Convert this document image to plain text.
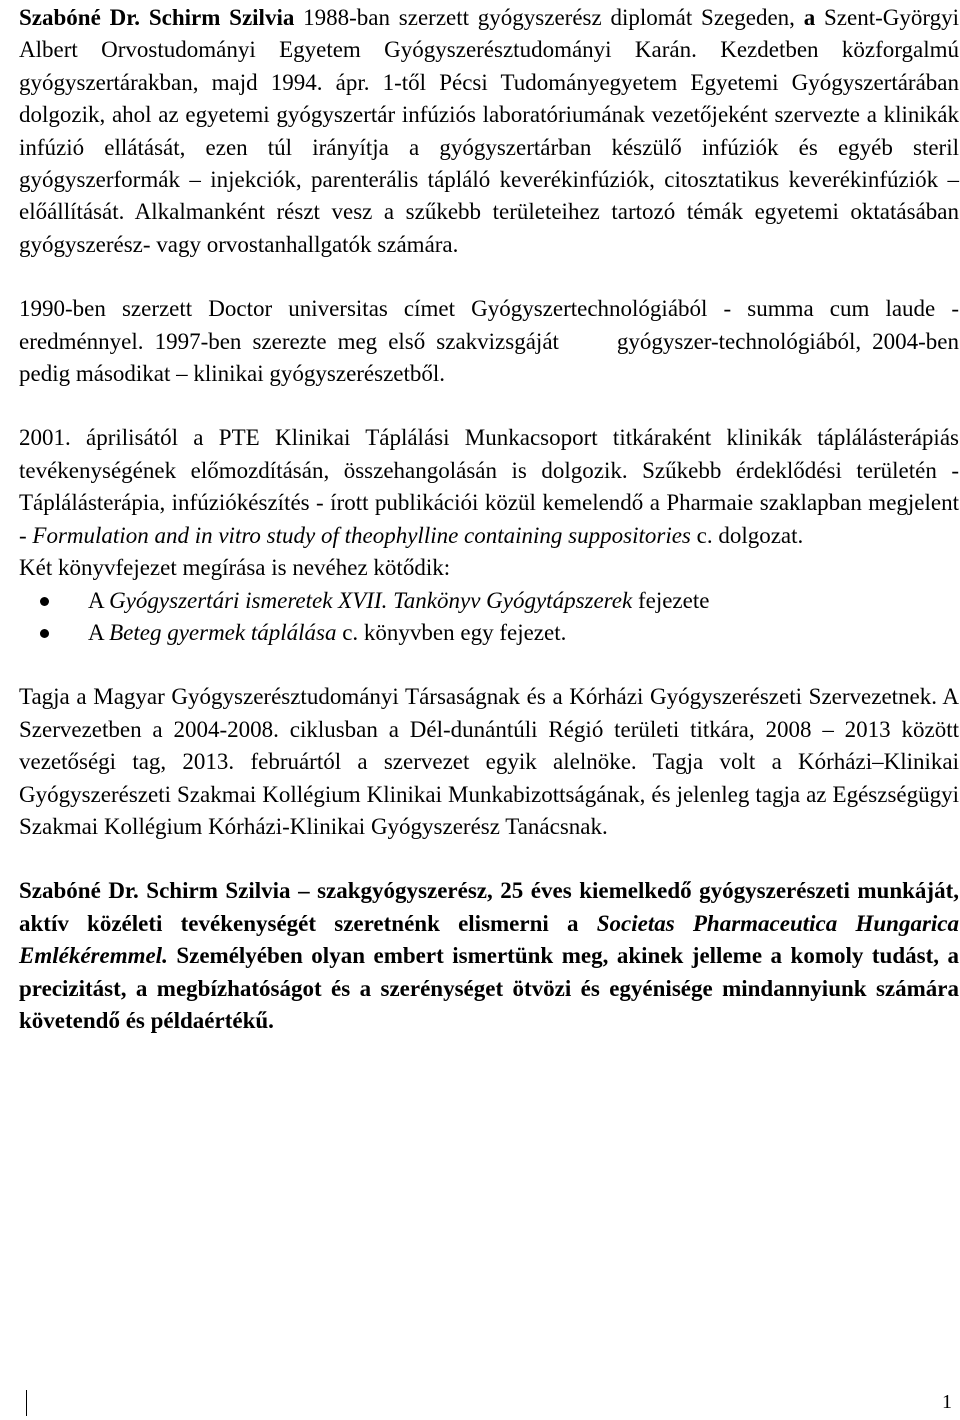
Szabóné Dr. Schirm Szilvia 1988-ban szerzett gyógyszerész diplomát Szegeden, a Szent-Györgyi Albert Orvostudományi Egyetem Gyógyszerésztudományi Karán. Kezdetben közforgalmú gyógyszertárakban, majd 1994. ápr. 1-től Pécsi Tudományegyetem Egyetemi Gyógyszertárában dolgozik, ahol az egyetemi gyógyszertár infúziós laboratóriumának vezetőjeként szervezte a klinikák infúzió ellátását, ezen túl irányítja a gyógyszertárban készülő infúziók és egyéb steril gyógyszerformák – injekciók, parenterális tápláló keverékinfúziók, citosztatikus keverékinfúziók – előállítását. Alkalmanként részt vesz a szűkebb területeihez tartozó témák egyetemi oktatásában gyógyszerész- vagy orvostanhallgatók számára.

1990-ben szerzett Doctor universitas címet Gyógyszertechnológiából - summa cum laude - eredménnyel. 1997-ben szerezte meg első szakvizsgáját	gyógyszer-technológiából, 2004-ben pedig másodikat – klinikai gyógyszerészetből.

2001. áprilisától a PTE Klinikai Táplálási Munkacsoport titkáraként klinikák táplálásterápiás tevékenységének előmozdításán, összehangolásán is dolgozik. Szűkebb érdeklődési területén - Táplálásterápia, infúziókészítés - írott publikációi közül kemelendő a Pharmaie szaklapban megjelent - Formulation and in vitro study of theophylline containing suppositories c. dolgozat.

Két könyvfejezet megírása is nevéhez kötődik:

A Gyógyszertári ismeretek XVII. Tankönyv Gyógytápszerek fejezete
A Beteg gyermek táplálása c. könyvben egy fejezet.

Tagja a Magyar Gyógyszerésztudományi Társaságnak és a Kórházi Gyógyszerészeti Szervezetnek. A Szervezetben a 2004-2008. ciklusban a Dél-dunántúli Régió területi titkára, 2008 – 2013 között vezetőségi tag, 2013. februártól a szervezet egyik alelnöke. Tagja volt a Kórházi–Klinikai Gyógyszerészeti Szakmai Kollégium Klinikai Munkabizottságának, és jelenleg tagja az Egészségügyi Szakmai Kollégium Kórházi-Klinikai Gyógyszerész Tanácsnak.

Szabóné Dr. Schirm Szilvia – szakgyógyszerész, 25 éves kiemelkedő gyógyszerészeti munkáját, aktív közéleti tevékenységét szeretnénk elismerni a Societas Pharmaceutica Hungarica Emlékéremmel. Személyében olyan embert ismertünk meg, akinek jelleme a komoly tudást, a precizitást, a megbízhatóságot és a szerénységet ötvözi és egyénisége mindannyiunk számára követendő és példaértékű.

1
